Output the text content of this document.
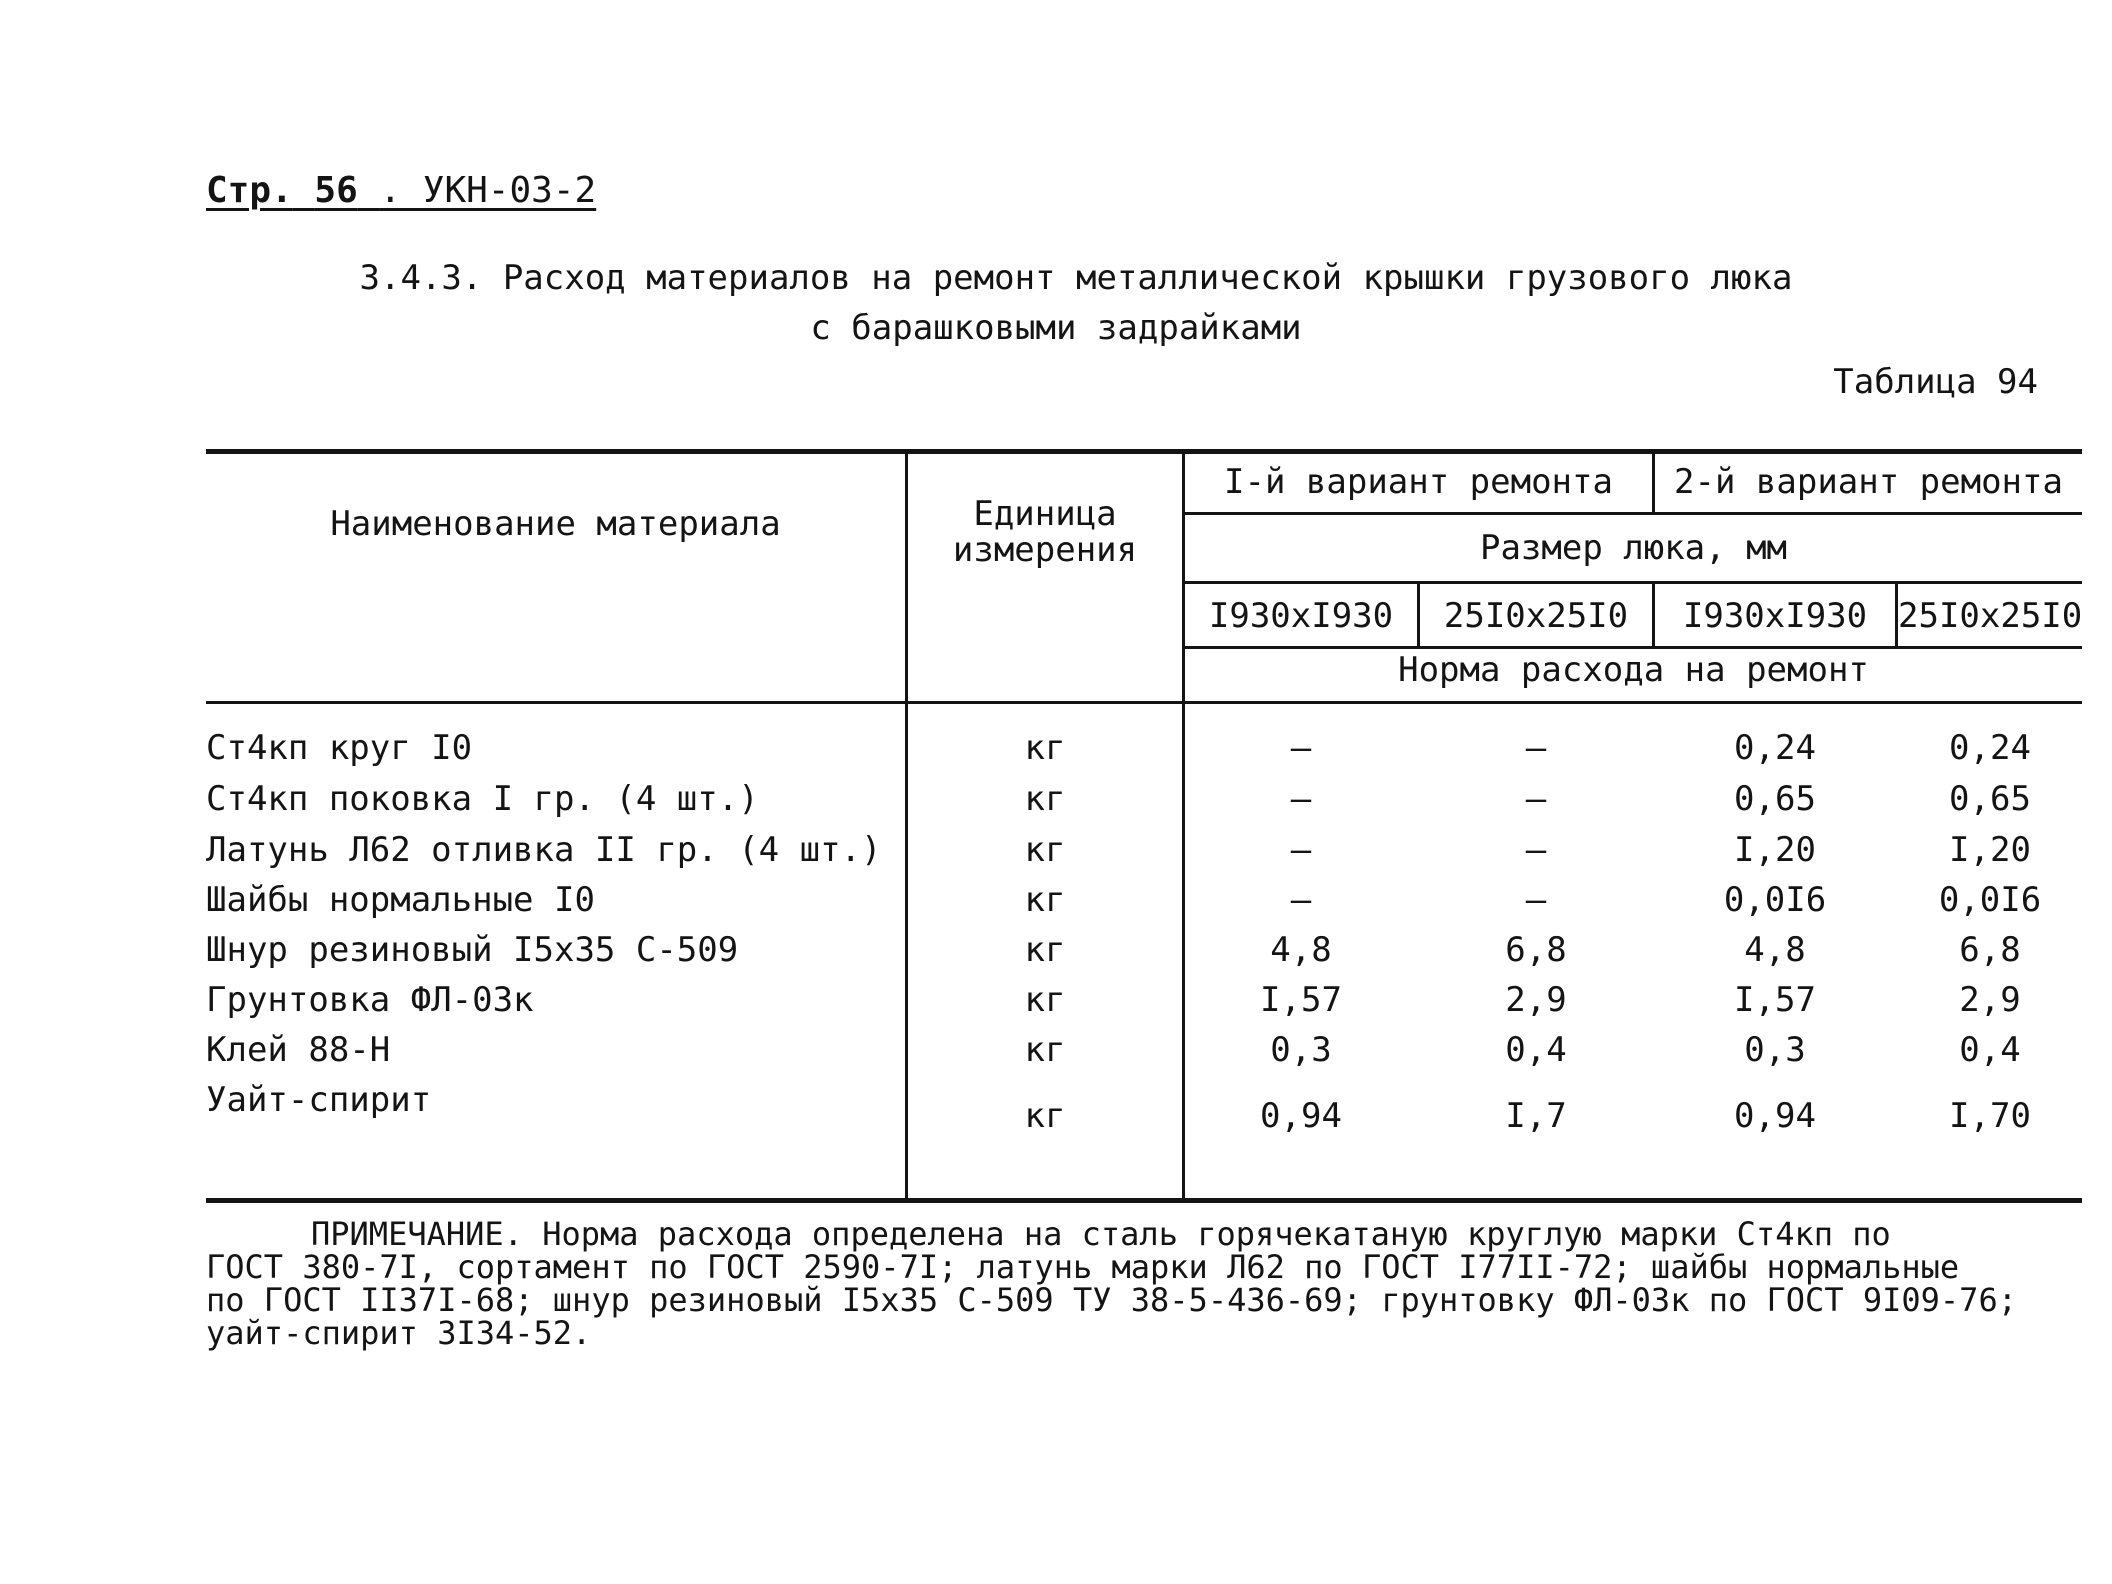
Стр. 56 . УКН-03-2
3.4.3. Расход материалов на ремонт металлической крышки грузового люка
с барашковыми задрайками
Таблица 94
Наименование материала	Единица измерения
I-й вариант ремонта	2-й вариант ремонта
Размер люка, мм
I930xI930	25I0x25I0	I930xI930 25I0x25I0
Норма расхода на ремонт
Ст4кп круг I0	кг	–	–	0,24	0,24
Ст4кп поковка I гр. (4 шт.)	кг	–	–	0,65	0,65
Латунь Л62 отливка II гр. (4 шт.)	кг	–	–	I,20	I,20
Шайбы нормальные I0	кг	–	–	0,0I6	0,0I6
Шнур резиновый I5x35 С-509	кг	4,8	6,8	4,8	6,8
Грунтовка ФЛ-03к	кг	I,57	2,9	I,57	2,9
Клей 88-Н	кг	0,3	0,4	0,3	0,4
Уайт-спирит	кг	0,94	I,7	0,94	I,70

ПРИМЕЧАНИЕ. Норма расхода определена на сталь горячекатаную круглую марки Ст4кп по

ГОСТ 380-7I, сортамент по ГОСТ 2590-7I; латунь марки Л62 по ГОСТ I77II-72; шайбы нормальные

по ГОСТ II37I-68; шнур резиновый I5x35 С-509 ТУ 38-5-436-69; грунтовку ФЛ-03к по ГОСТ 9I09-76;

уайт-спирит 3I34-52.
